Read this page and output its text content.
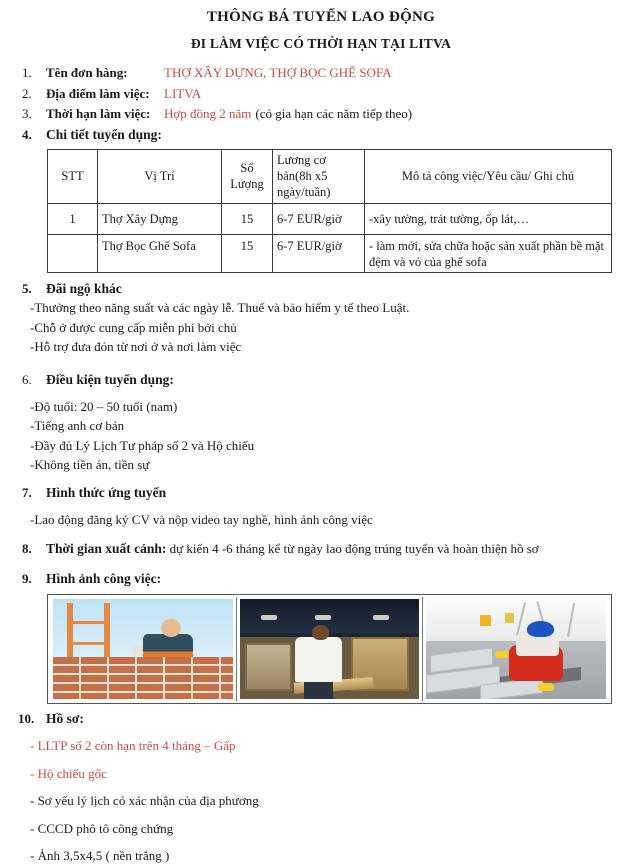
THÔNG BÁ TUYỂN LAO ĐỘNG
ĐI LÀM VIỆC CÓ THỜI HẠN TẠI LITVA
1.	Tên đơn hàng:	THỢ XÂY DỰNG, THỢ BỌC GHẾ SOFA
2.	Địa điểm làm việc: LITVA
3.	Thời hạn làm việc: Hợp đồng 2 năm (có gia hạn các năm tiếp theo)
4.	Chi tiết tuyển dụng:
STT	Vị Trí	Số Lượng	Lương cơ bản(8h x5 ngày/tuần)	Mô tả công việc/Yêu cầu/ Ghi chú
1	Thợ Xây Dựng	15	6-7 EUR/giờ	-xây tường, trát tường, ốp lát,…
	Thợ Bọc Ghế Sofa	15	6-7 EUR/giờ	- làm mới, sửa chữa hoặc sản xuất phần bề mặt đệm và vỏ của ghế sofa
5.	Đãi ngộ khác
-Thưởng theo năng suất và các ngày lễ. Thuế và bảo hiểm y tế theo Luật.
-Chỗ ở được cung cấp miễn phí bởi chủ
-Hỗ trợ đưa đón từ nơi ở và nơi làm việc
6.	Điều kiện tuyển dụng:
-Độ tuổi: 20 – 50 tuổi (nam)
-Tiếng anh cơ bản
-Đầy đủ Lý Lịch Tư pháp số 2 và Hộ chiếu
-Không tiền án, tiền sự
7.	Hình thức ứng tuyển
-Lao động đăng ký CV và nộp video tay nghề, hình ảnh công việc
8.	Thời gian xuất cảnh: dự kiến 4 -6 tháng kể từ ngày lao động trúng tuyển và hoàn thiện hồ sơ
9.	Hình ảnh công việc:
10. Hồ sơ:
- LLTP số 2 còn hạn trên 4 tháng – Gấp
- Hộ chiếu gốc
- Sơ yếu lý lịch có xác nhận của địa phương
- CCCD phô tô công chứng
- Ảnh 3,5x4,5 ( nền trắng )
